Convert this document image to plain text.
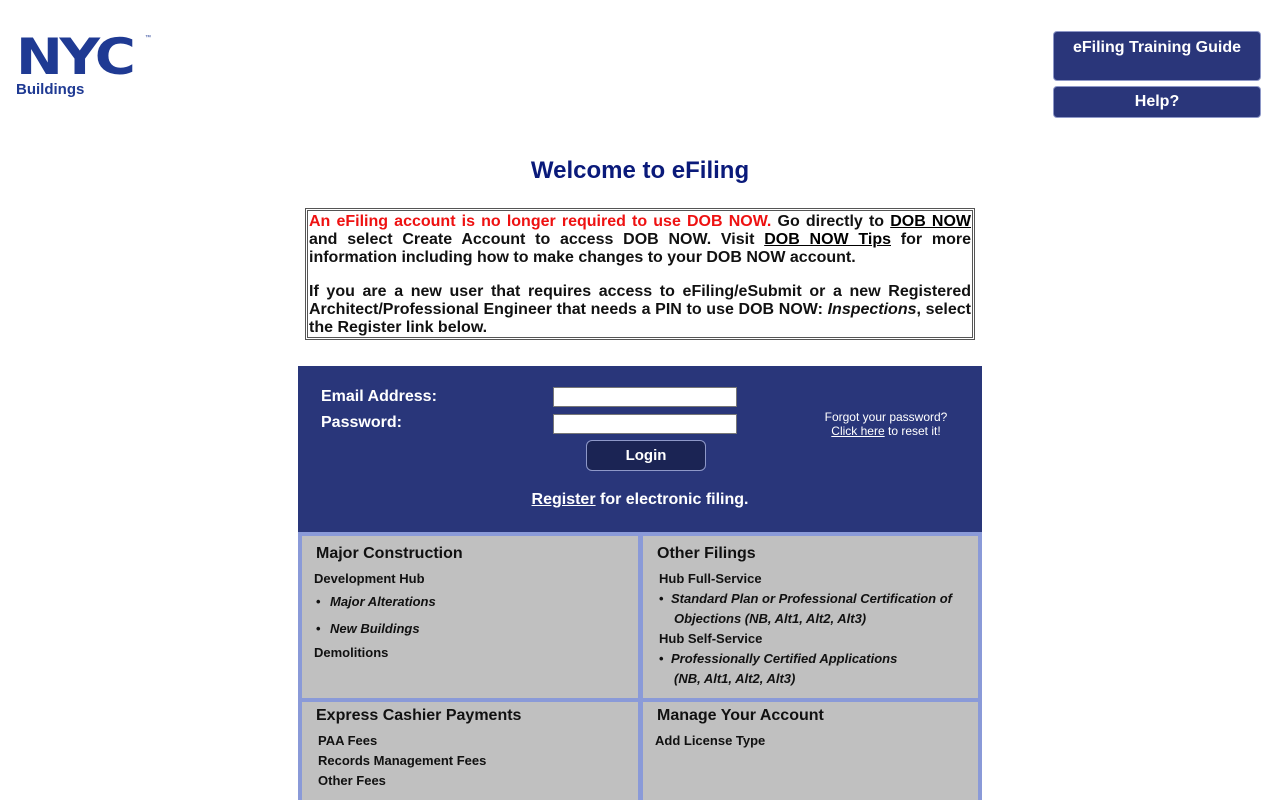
NYC ™
Buildings
eFiling Training Guide
Help?
Welcome to eFiling

An eFiling account is no longer required to use DOB NOW. Go directly to DOB NOW and select Create Account to access DOB NOW. Visit DOB NOW Tips for more information including how to make changes to your DOB NOW account.

If you are a new user that requires access to eFiling/eSubmit or a new Registered Architect/Professional Engineer that needs a PIN to use DOB NOW: Inspections, select the Register link below.

Email Address:
Password:
Login
Forgot your password?
Click here to reset it!
Register for electronic filing.
Major Construction
Development Hub
• Major Alterations
• New Buildings
Demolitions
Other Filings
Hub Full-Service
• Standard Plan or Professional Certification of
Objections (NB, Alt1, Alt2, Alt3)
Hub Self-Service
• Professionally Certified Applications
(NB, Alt1, Alt2, Alt3)
Express Cashier Payments
PAA Fees
Records Management Fees
Other Fees
Manage Your Account
Add License Type
